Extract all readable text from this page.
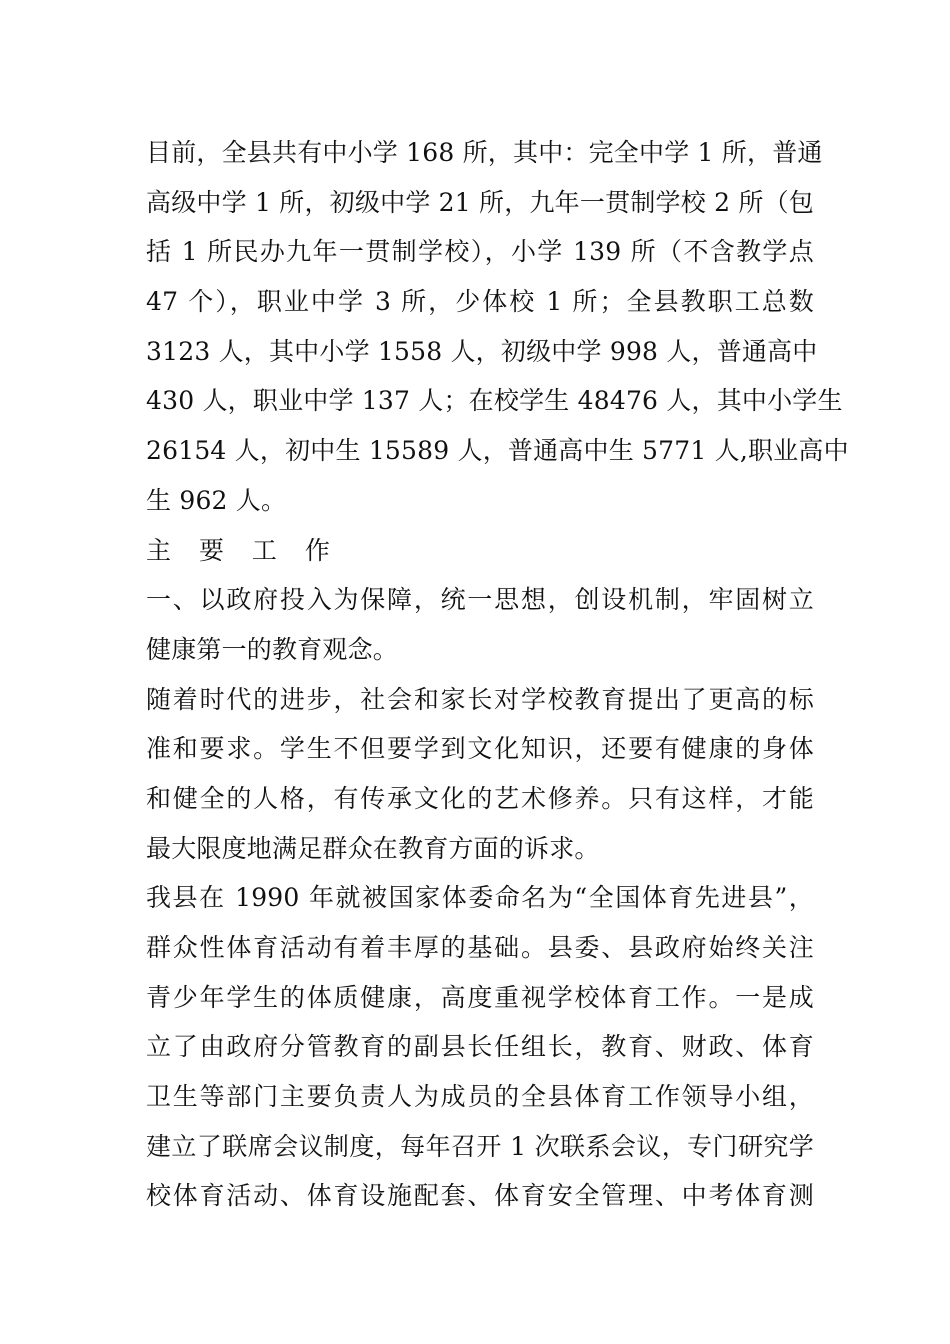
目前，全县共有中小学 168 所，其中：完全中学 1 所，普通
高级中学 1 所，初级中学 21 所，九年一贯制学校 2 所（包
括 1 所民办九年一贯制学校），小学 139 所（不含教学点
47 个），职业中学 3 所，少体校 1 所；全县教职工总数
3123 人，其中小学 1558 人，初级中学 998 人，普通高中
430 人，职业中学 137 人；在校学生 48476 人，其中小学生
26154 人，初中生 15589 人，普通高中生 5771 人,职业高中
生 962 人。
主 要 工 作
一、以政府投入为保障，统一思想，创设机制，牢固树立
健康第一的教育观念。
随着时代的进步，社会和家长对学校教育提出了更高的标
准和要求。学生不但要学到文化知识，还要有健康的身体
和健全的人格，有传承文化的艺术修养。只有这样，才能
最大限度地满足群众在教育方面的诉求。
我县在 1990 年就被国家体委命名为“全国体育先进县”，
群众性体育活动有着丰厚的基础。县委、县政府始终关注
青少年学生的体质健康，高度重视学校体育工作。一是成
立了由政府分管教育的副县长任组长，教育、财政、体育
卫生等部门主要负责人为成员的全县体育工作领导小组，
建立了联席会议制度，每年召开 1 次联系会议，专门研究学
校体育活动、体育设施配套、体育安全管理、中考体育测
